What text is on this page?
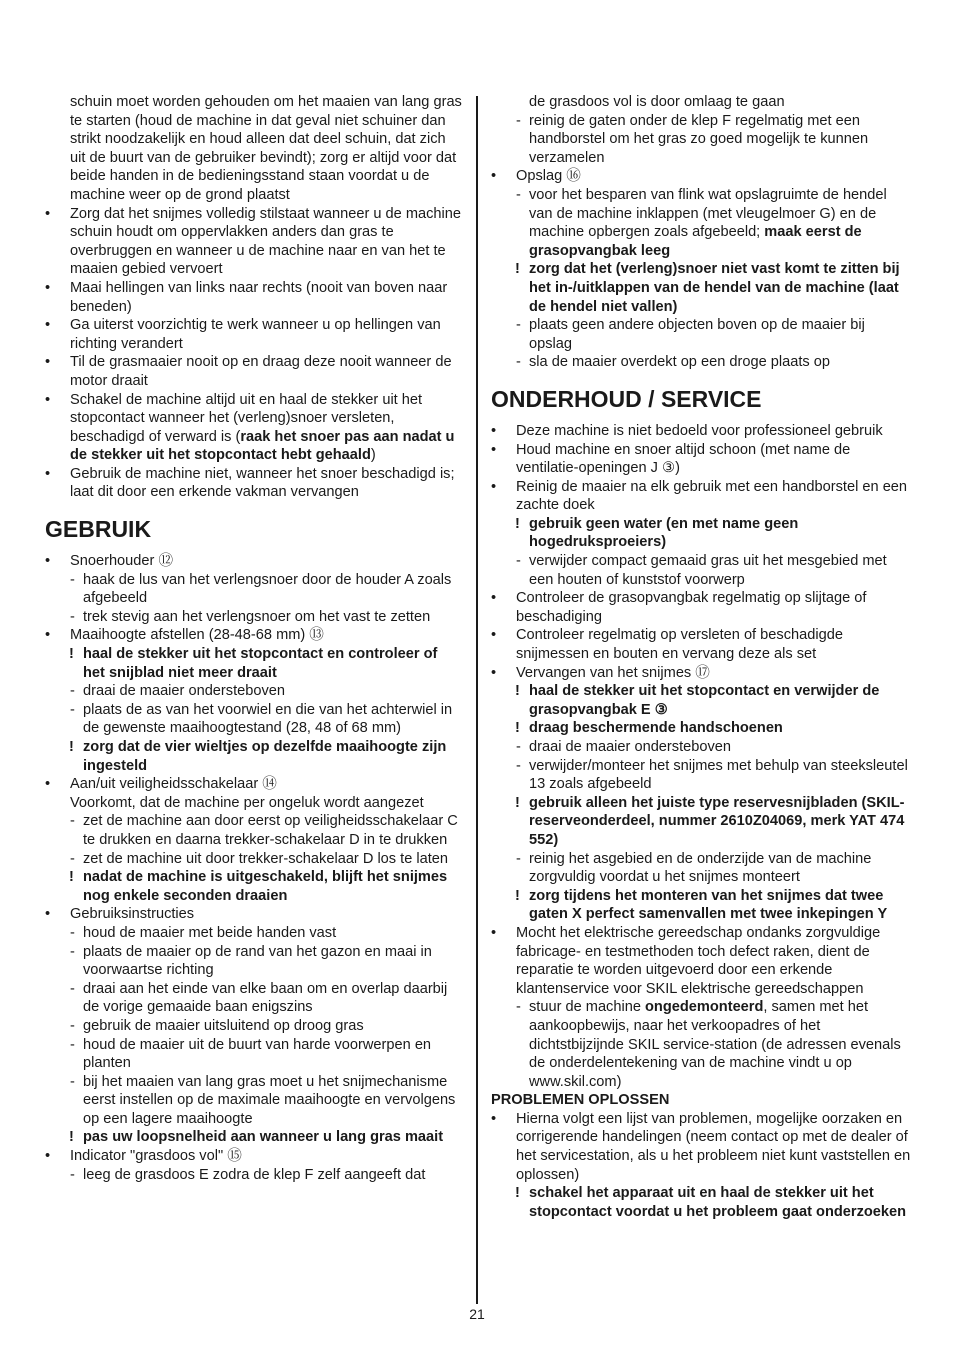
schuin moet worden gehouden om het maaien van lang gras te starten (houd de machine in dat geval niet schuiner dan strikt noodzakelijk en houd alleen dat deel schuin, dat zich uit de buurt van de gebruiker bevindt); zorg er altijd voor dat beide handen in de bedieningsstand staan voordat u de machine weer op de grond plaatst
• Zorg dat het snijmes volledig stilstaat wanneer u de machine schuin houdt om oppervlakken anders dan gras te overbruggen en wanneer u de machine naar en van het te maaien gebied vervoert
• Maai hellingen van links naar rechts (nooit van boven naar beneden)
• Ga uiterst voorzichtig te werk wanneer u op hellingen van richting verandert
• Til de grasmaaier nooit op en draag deze nooit wanneer de motor draait
• Schakel de machine altijd uit en haal de stekker uit het stopcontact wanneer het (verleng)snoer versleten, beschadigd of verward is (raak het snoer pas aan nadat u de stekker uit het stopcontact hebt gehaald)
• Gebruik de machine niet, wanneer het snoer beschadigd is; laat dit door een erkende vakman vervangen
GEBRUIK
• Snoerhouder ⑫
- haak de lus van het verlengsnoer door de houder A zoals afgebeeld
- trek stevig aan het verlengsnoer om het vast te zetten
• Maaihoogte afstellen (28-48-68 mm) ⑬
! haal de stekker uit het stopcontact en controleer of het snijblad niet meer draait
- draai de maaier ondersteboven
- plaats de as van het voorwiel en die van het achterwiel in de gewenste maaihoogtestand (28, 48 of 68 mm)
! zorg dat de vier wieltjes op dezelfde maaihoogte zijn ingesteld
• Aan/uit veiligheidsschakelaar ⑭
Voorkomt, dat de machine per ongeluk wordt aangezet
- zet de machine aan door eerst op veiligheidsschakelaar C te drukken en daarna trekker-schakelaar D in te drukken
- zet de machine uit door trekker-schakelaar D los te laten
! nadat de machine is uitgeschakeld, blijft het snijmes nog enkele seconden draaien
• Gebruiksinstructies
- houd de maaier met beide handen vast
- plaats de maaier op de rand van het gazon en maai in voorwaartse richting
- draai aan het einde van elke baan om en overlap daarbij de vorige gemaaide baan enigszins
- gebruik de maaier uitsluitend op droog gras
- houd de maaier uit de buurt van harde voorwerpen en planten
- bij het maaien van lang gras moet u het snijmechanisme eerst instellen op de maximale maaihoogte en vervolgens op een lagere maaihoogte
! pas uw loopsnelheid aan wanneer u lang gras maait
• Indicator "grasdoos vol" ⑮
- leeg de grasdoos E zodra de klep F zelf aangeeft dat
de grasdoos vol is door omlaag te gaan
- reinig de gaten onder de klep F regelmatig met een handborstel om het gras zo goed mogelijk te kunnen verzamelen
• Opslag ⑯
- voor het besparen van flink wat opslagruimte de hendel van de machine inklappen (met vleugelmoer G) en de machine opbergen zoals afgebeeld; maak eerst de grasopvangbak leeg
! zorg dat het (verleng)snoer niet vast komt te zitten bij het in-/uitklappen van de hendel van de machine (laat de hendel niet vallen)
- plaats geen andere objecten boven op de maaier bij opslag
- sla de maaier overdekt op een droge plaats op
ONDERHOUD / SERVICE
• Deze machine is niet bedoeld voor professioneel gebruik
• Houd machine en snoer altijd schoon (met name de ventilatie-openingen J ③)
• Reinig de maaier na elk gebruik met een handborstel en een zachte doek
! gebruik geen water (en met name geen hogedruksproeiers)
- verwijder compact gemaaid gras uit het mesgebied met een houten of kunststof voorwerp
• Controleer de grasopvangbak regelmatig op slijtage of beschadiging
• Controleer regelmatig op versleten of beschadigde snijmessen en bouten en vervang deze als set
• Vervangen van het snijmes ⑰
! haal de stekker uit het stopcontact en verwijder de grasopvangbak E ③
! draag beschermende handschoenen
- draai de maaier ondersteboven
- verwijder/monteer het snijmes met behulp van steeksleutel 13 zoals afgebeeld
! gebruik alleen het juiste type reservesnijbladen (SKIL-reserveonderdeel, nummer 2610Z04069, merk YAT 474 552)
- reinig het asgebied en de onderzijde van de machine zorgvuldig voordat u het snijmes monteert
! zorg tijdens het monteren van het snijmes dat twee gaten X perfect samenvallen met twee inkepingen Y
• Mocht het elektrische gereedschap ondanks zorgvuldige fabricage- en testmethoden toch defect raken, dient de reparatie te worden uitgevoerd door een erkende klantenservice voor SKIL elektrische gereedschappen
- stuur de machine ongedemonteerd, samen met het aankoopbewijs, naar het verkoopadres of het dichtstbijzijnde SKIL service-station (de adressen evenals de onderdelentekening van de machine vindt u op www.skil.com)
PROBLEMEN OPLOSSEN
• Hierna volgt een lijst van problemen, mogelijke oorzaken en corrigerende handelingen (neem contact op met de dealer of het servicestation, als u het probleem niet kunt vaststellen en oplossen)
! schakel het apparaat uit en haal de stekker uit het stopcontact voordat u het probleem gaat onderzoeken
21
